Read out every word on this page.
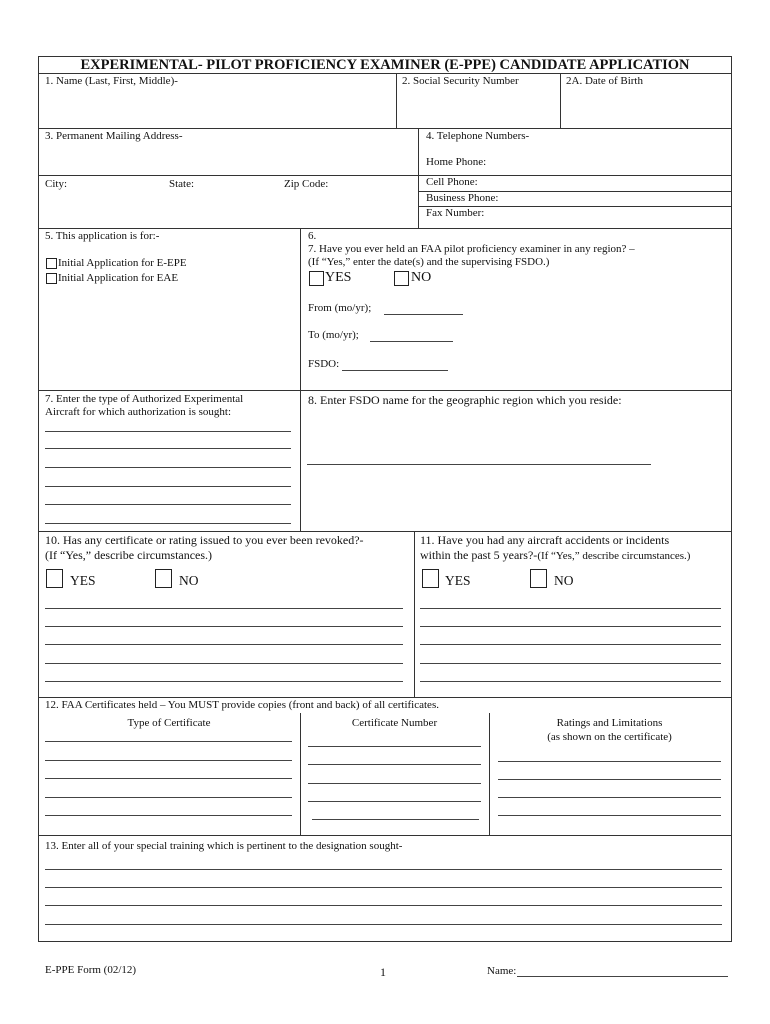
EXPERIMENTAL- PILOT PROFICIENCY EXAMINER (E-PPE) CANDIDATE APPLICATION
1. Name (Last, First, Middle)-	2. Social Security Number	2A. Date of Birth
3. Permanent Mailing Address-	4. Telephone Numbers-
Home Phone:
City:	State:	Zip Code:	Cell Phone:
Business Phone:
Fax Number:
5. This application is for:-
Initial Application for E-EPE
Initial Application for EAE
6.
7. Have you ever held an FAA pilot proficiency examiner in any region? –
(If “Yes,” enter the date(s) and the supervising FSDO.)
YES	NO
From (mo/yr);
To (mo/yr);
FSDO:
7. Enter the type of Authorized Experimental
Aircraft for which authorization is sought:
8. Enter FSDO name for the geographic region which you reside:
10. Has any certificate or rating issued to you ever been revoked?-
(If “Yes,” describe circumstances.)
YES	NO
11. Have you had any aircraft accidents or incidents
within the past 5 years?-(If “Yes,” describe circumstances.)
YES	NO
12. FAA Certificates held – You MUST provide copies (front and back) of all certificates.
Type of Certificate	Certificate Number	Ratings and Limitations
(as shown on the certificate)
13. Enter all of your special training which is pertinent to the designation sought-
E-PPE Form (02/12)	1	Name:
